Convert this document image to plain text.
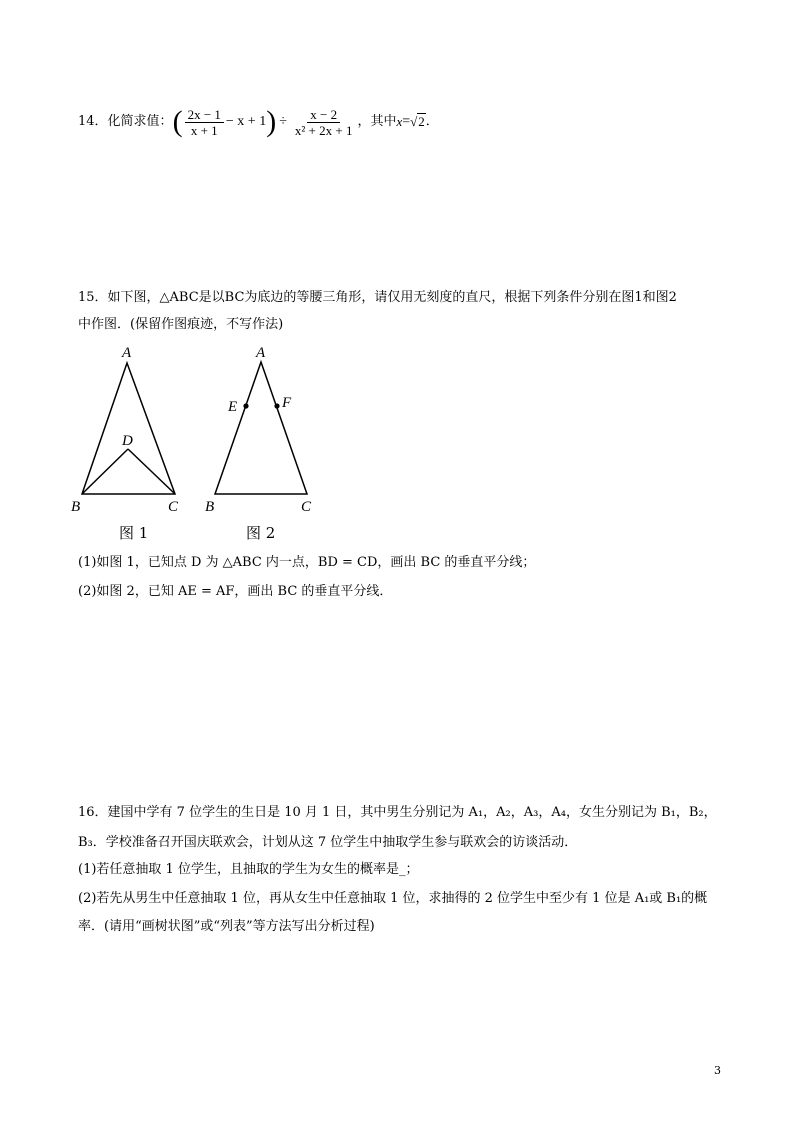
14． 化简求值： ( $\frac{2x - 1}{x + 1} - x + 1$ ) ÷ $\frac{x - 2}{\text{x² + 2x + 1}}$ ，其中 x = √2 ．
15．如下图，△ABC是以BC为底边的等腰三角形，请仅用无刻度的直尺，根据下列条件分别在图1和图2
中作图．(保留作图痕迹，不写作法)
A
D
B	C
A
E	F
B	C
图 1	图 2
(1)如图 1，已知点 D 为 △ABC 内一点，BD = CD，画出 BC 的垂直平分线；
(2)如图 2，已知 AE = AF，画出 BC 的垂直平分线．
16．建国中学有 7 位学生的生日是 10 月 1 日，其中男生分别记为 A₁，A₂，A₃，A₄，女生分别记为 B₁，B₂，
B₃．学校准备召开国庆联欢会，计划从这 7 位学生中抽取学生参与联欢会的访谈活动．
(1)若任意抽取 1 位学生，且抽取的学生为女生的概率是_；
(2)若先从男生中任意抽取 1 位，再从女生中任意抽取 1 位，求抽得的 2 位学生中至少有 1 位是 A₁或 B₁的概
率．(请用“画树状图”或“列表”等方法写出分析过程)
3
